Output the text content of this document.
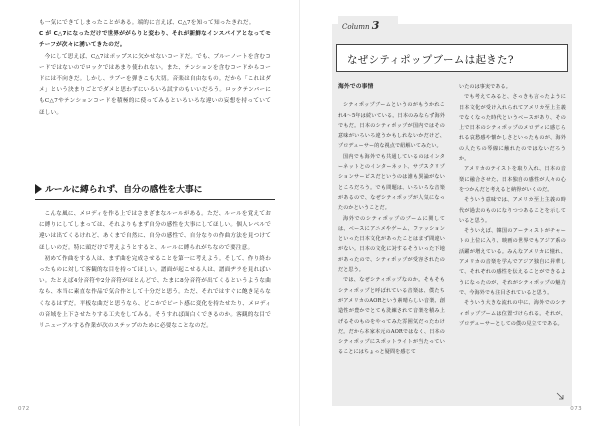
も一気にできてしまったことがある。端的に言えば、C△7を知って知ったきれだ。

C が C△7になっただけで世界ががらりと変わり、それが新鮮なインスパイアとなってモチーフが次々に湧いてきたのだ。

今にして思えば、C△7はポップスに欠かせないコードだ。でも、ブルーノートを含むコードではないのでロックではあまり使われない。また、テンションを含むコードからコードには不向きだ。しかし、ラブーを弾きこも大切。音楽は自由なもの。だから「これはダメ」という決まりごとでダメと思わずにいろいろ試すのもいいだろう。ロックテンバーにもC△7やテンションコードを積極的に使ってみるといろいろな違いの妄想を持っていてほしい。

ルールに縛られず、自分の感性を大事に

こんな風に、メロディを作る上ではさまざまなルールがある。ただ、ルールを覚えておに縛りにしてしまっては、それよりもまず自分の感性を大事にしてほしい。個人レベルで違いは出てくるけれど、あくまで自然に、自分の感性で、自分なりの作曲方法を見つけてほしいのだ。特に頭だけで考えようとすると、ルールに縛られがちなので要注意。

初めて作曲をする人は、まず曲を完成させることを第一に考えよう。そして、作り終わったものに対して客観的な目を持ってほしい。譜面が起こせる人は、譜面ヂラを見ればいい。たとえば4分音符や2分音符がほとんどで、たまに8分音符が出てくるというような曲なら、本当に素直な作品で気合作として十分だと思う。ただ、それではすぐに飽き足らなくなるはずだ。平板な曲だと思うなら、どこかでビート感に変化を持たせたり、メロディの音域を上下させたりする工夫をしてみる。そうすれば面白くできるのか。客観的な目でリニューアルする作業が次のステップのために必要なことなのだ。

072
Column 3
なぜシティポップブームは起きた?

海外での事情

シティポップブームというのがもうかれこれ4〜5年は続いている。日本のみならず海外でもだ。日本のシティポップが国内ではその意味がいろいろ違うかもしれないかだけど、プロデューサー的な視点で紐解いてみたい。

国内でも海外でも共通しているのはインターネットとのインターネット、サブスクリプションサービスだというのは誰も異論がないところだろう。でも問題は、いろいろな音楽があるので、なぜシティポップが人気になったのかということだ。

海外でのシティポップのブームに関しては、ベースにアニメやゲーム、ファッションといった日本文化があったことはまず間違いがない。日本の文化に対するそういった下地があったので、シティポップが受容されたのだと思う。

では、なぜシティポップなのか。そもそもシティポップと呼ばれている音楽は、僕たちがアメリカのAORという素晴らしい音楽、創造性が豊かでとても洗練されて音楽を積み上げるそのものをやってみた雰囲気だったわけだ。だから本家本元のAORではなく、日本のシティポップにスポットライトが当たっていることにはちょっと疑問を感じて

いたのは事実である。

でも考えてみると、さっきも言ったように日本文化が受け入れられてアメリカ至上主義でなくなった時代というベースがあり、その上で日本のシティポップのメロディに感じられる哀愁感や懐かしさといったものが、海外の人たちの琴線に触れたのではないだろうか。

アメリカのテイストを取り入れ、日本の音楽に融合させた、日本独自の感性が人々の心をつかんだと考えると納得がいくのだ。

そういう意味では、アメリカ至上主義の時代が過去のものになりつつあることを示していると思う。

そういえば、韓国のアーティストがチャートの上位に入り、映画の世界でもアジア系の活躍が増えている。みんなアメリカに憧れ、アメリカの音楽を学んでアジア独自に昇華して、それぞれの感性を伝えることができるようになったのが、それがシティポップの魅力で、今海外でも注目されていると思う。

そういう大きな流れの中に、海外でのシティポップブームは位置づけられる。それが、プロデューサーとしての僕の見立てである。

073
